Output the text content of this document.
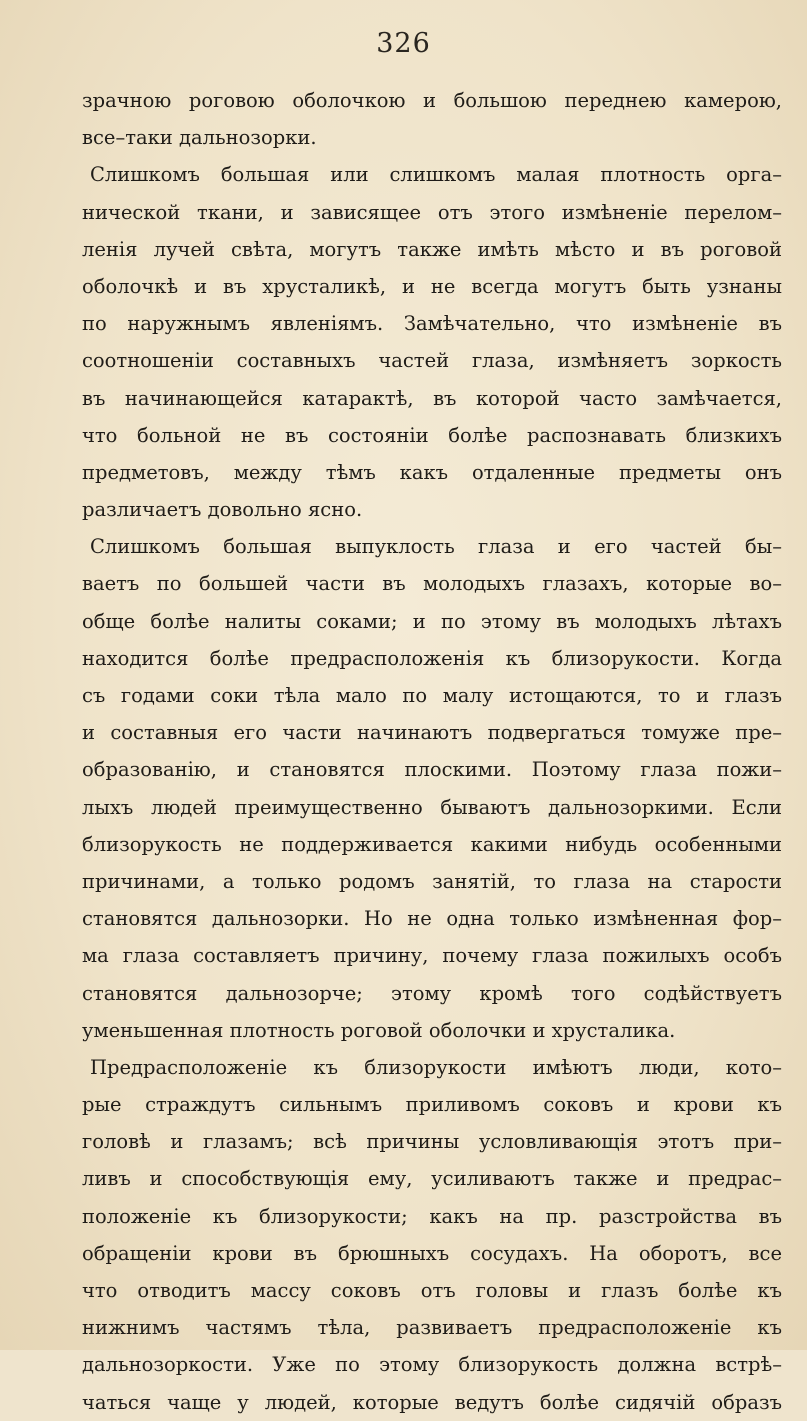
326
зрачною роговою оболочкою и большою переднею камерою,
все–таки дальнозорки.
Слишкомъ большая или слишкомъ малая плотность орга–
нической ткани, и зависящее отъ этого измѣненіе перелом–
ленія лучей свѣта, могутъ также имѣть мѣсто и въ роговой
оболочкѣ и въ хрусталикѣ, и не всегда могутъ быть узнаны
по наружнымъ явленіямъ. Замѣчательно, что измѣненіе въ
соотношеніи составныхъ частей глаза, измѣняетъ зоркость
въ начинающейся катарактѣ, въ которой часто замѣчается,
что больной не въ состояніи болѣе распознавать близкихъ
предметовъ, между тѣмъ какъ отдаленные предметы онъ
различаетъ довольно ясно.
Слишкомъ большая выпуклость глаза и его частей бы–
ваетъ по большей части въ молодыхъ глазахъ, которые во–
обще болѣе налиты соками; и по этому въ молодыхъ лѣтахъ
находится болѣе предрасположенія къ близорукости. Когда
съ годами соки тѣла мало по малу истощаются, то и глазъ
и составныя его части начинаютъ подвергаться томуже пре–
образованію, и становятся плоскими. Поэтому глаза пожи–
лыхъ людей преимущественно бываютъ дальнозоркими. Если
близорукость не поддерживается какими нибудь особенными
причинами, а только родомъ занятій, то глаза на старости
становятся дальнозорки. Но не одна только измѣненная фор–
ма глаза составляетъ причину, почему глаза пожилыхъ особъ
становятся дальнозорче; этому кромѣ того содѣйствуетъ
уменьшенная плотность роговой оболочки и хрусталика.
Предрасположеніе къ близорукости имѣютъ люди, кото–
рые страждутъ сильнымъ приливомъ соковъ и крови къ
головѣ и глазамъ; всѣ причины условливающія этотъ при–
ливъ и способствующія ему, усиливаютъ также и предрас–
положеніе къ близорукости; какъ на пр. разстройства въ
обращеніи крови въ брюшныхъ сосудахъ. На оборотъ, все
что отводитъ массу соковъ отъ головы и глазъ болѣе къ
нижнимъ частямъ тѣла, развиваетъ предрасположеніе къ
дальнозоркости. Уже по этому близорукость должна встрѣ–
чаться чаще у людей, которые ведутъ болѣе сидячій образъ
